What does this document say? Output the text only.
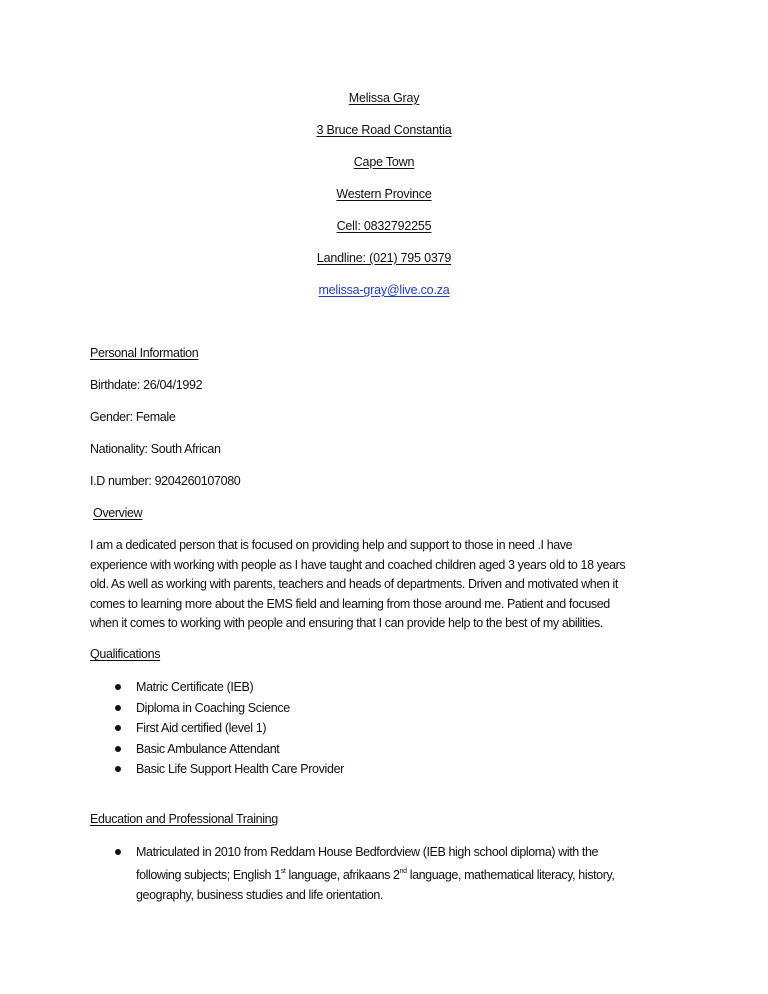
Melissa Gray
3 Bruce Road Constantia
Cape Town
Western Province
Cell: 0832792255
Landline: (021) 795 0379
melissa-gray@live.co.za
Personal Information
Birthdate: 26/04/1992
Gender: Female
Nationality: South African
I.D number: 9204260107080
Overview
I am a dedicated person that is focused on providing help and support to those in need .I have
experience with working with people as I have taught and coached children aged 3 years old to 18 years
old. As well as working with parents, teachers and heads of departments. Driven and motivated when it
comes to learning more about the EMS field and learning from those around me. Patient and focused
when it comes to working with people and ensuring that I can provide help to the best of my abilities.
Qualifications
Matric Certificate (IEB)
Diploma in Coaching Science
First Aid certified (level 1)
Basic Ambulance Attendant
Basic Life Support Health Care Provider
Education and Professional Training
Matriculated in 2010 from Reddam House Bedfordview (IEB high school diploma) with the
following subjects; English 1st language, afrikaans 2nd language, mathematical literacy, history,
geography, business studies and life orientation.
